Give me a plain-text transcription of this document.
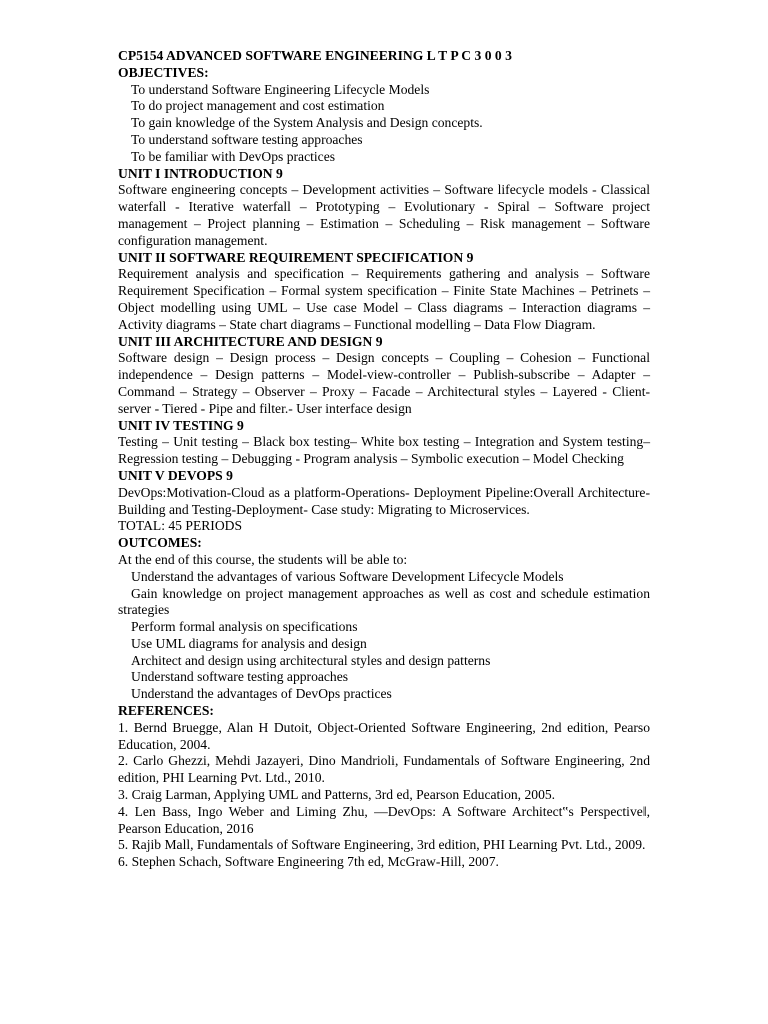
CP5154 ADVANCED SOFTWARE ENGINEERING L T P C 3 0 0 3
OBJECTIVES:
To understand Software Engineering Lifecycle Models
To do project management and cost estimation
To gain knowledge of the System Analysis and Design concepts.
To understand software testing approaches
To be familiar with DevOps practices
UNIT I INTRODUCTION 9
Software engineering concepts – Development activities – Software lifecycle models - Classical waterfall - Iterative waterfall – Prototyping – Evolutionary - Spiral – Software project management – Project planning – Estimation – Scheduling – Risk management – Software configuration management.
UNIT II SOFTWARE REQUIREMENT SPECIFICATION 9
Requirement analysis and specification – Requirements gathering and analysis – Software Requirement Specification – Formal system specification – Finite State Machines – Petrinets – Object modelling using UML – Use case Model – Class diagrams – Interaction diagrams – Activity diagrams – State chart diagrams – Functional modelling – Data Flow Diagram.
UNIT III ARCHITECTURE AND DESIGN 9
Software design – Design process – Design concepts – Coupling – Cohesion – Functional independence – Design patterns – Model-view-controller – Publish-subscribe – Adapter – Command – Strategy – Observer – Proxy – Facade – Architectural styles – Layered - Client-server - Tiered - Pipe and filter.- User interface design
UNIT IV TESTING 9
Testing – Unit testing – Black box testing– White box testing – Integration and System testing– Regression testing – Debugging - Program analysis – Symbolic execution – Model Checking
UNIT V DEVOPS 9
DevOps:Motivation-Cloud as a platform-Operations- Deployment Pipeline:Overall Architecture-Building and Testing-Deployment- Case study: Migrating to Microservices.
TOTAL: 45 PERIODS
OUTCOMES:
At the end of this course, the students will be able to:
Understand the advantages of various Software Development Lifecycle Models
Gain knowledge on project management approaches as well as cost and schedule estimation strategies
Perform formal analysis on specifications
Use UML diagrams for analysis and design
Architect and design using architectural styles and design patterns
Understand software testing approaches
Understand the advantages of DevOps practices
REFERENCES:
1. Bernd Bruegge, Alan H Dutoit, Object-Oriented Software Engineering, 2nd edition, Pearso Education, 2004.
2. Carlo Ghezzi, Mehdi Jazayeri, Dino Mandrioli, Fundamentals of Software Engineering, 2nd edition, PHI Learning Pvt. Ltd., 2010.
3. Craig Larman, Applying UML and Patterns, 3rd ed, Pearson Education, 2005.
4. Len Bass, Ingo Weber and Liming Zhu, ―DevOps: A Software Architect‟s Perspective‖, Pearson Education, 2016
5. Rajib Mall, Fundamentals of Software Engineering, 3rd edition, PHI Learning Pvt. Ltd., 2009.
6. Stephen Schach, Software Engineering 7th ed, McGraw-Hill, 2007.
